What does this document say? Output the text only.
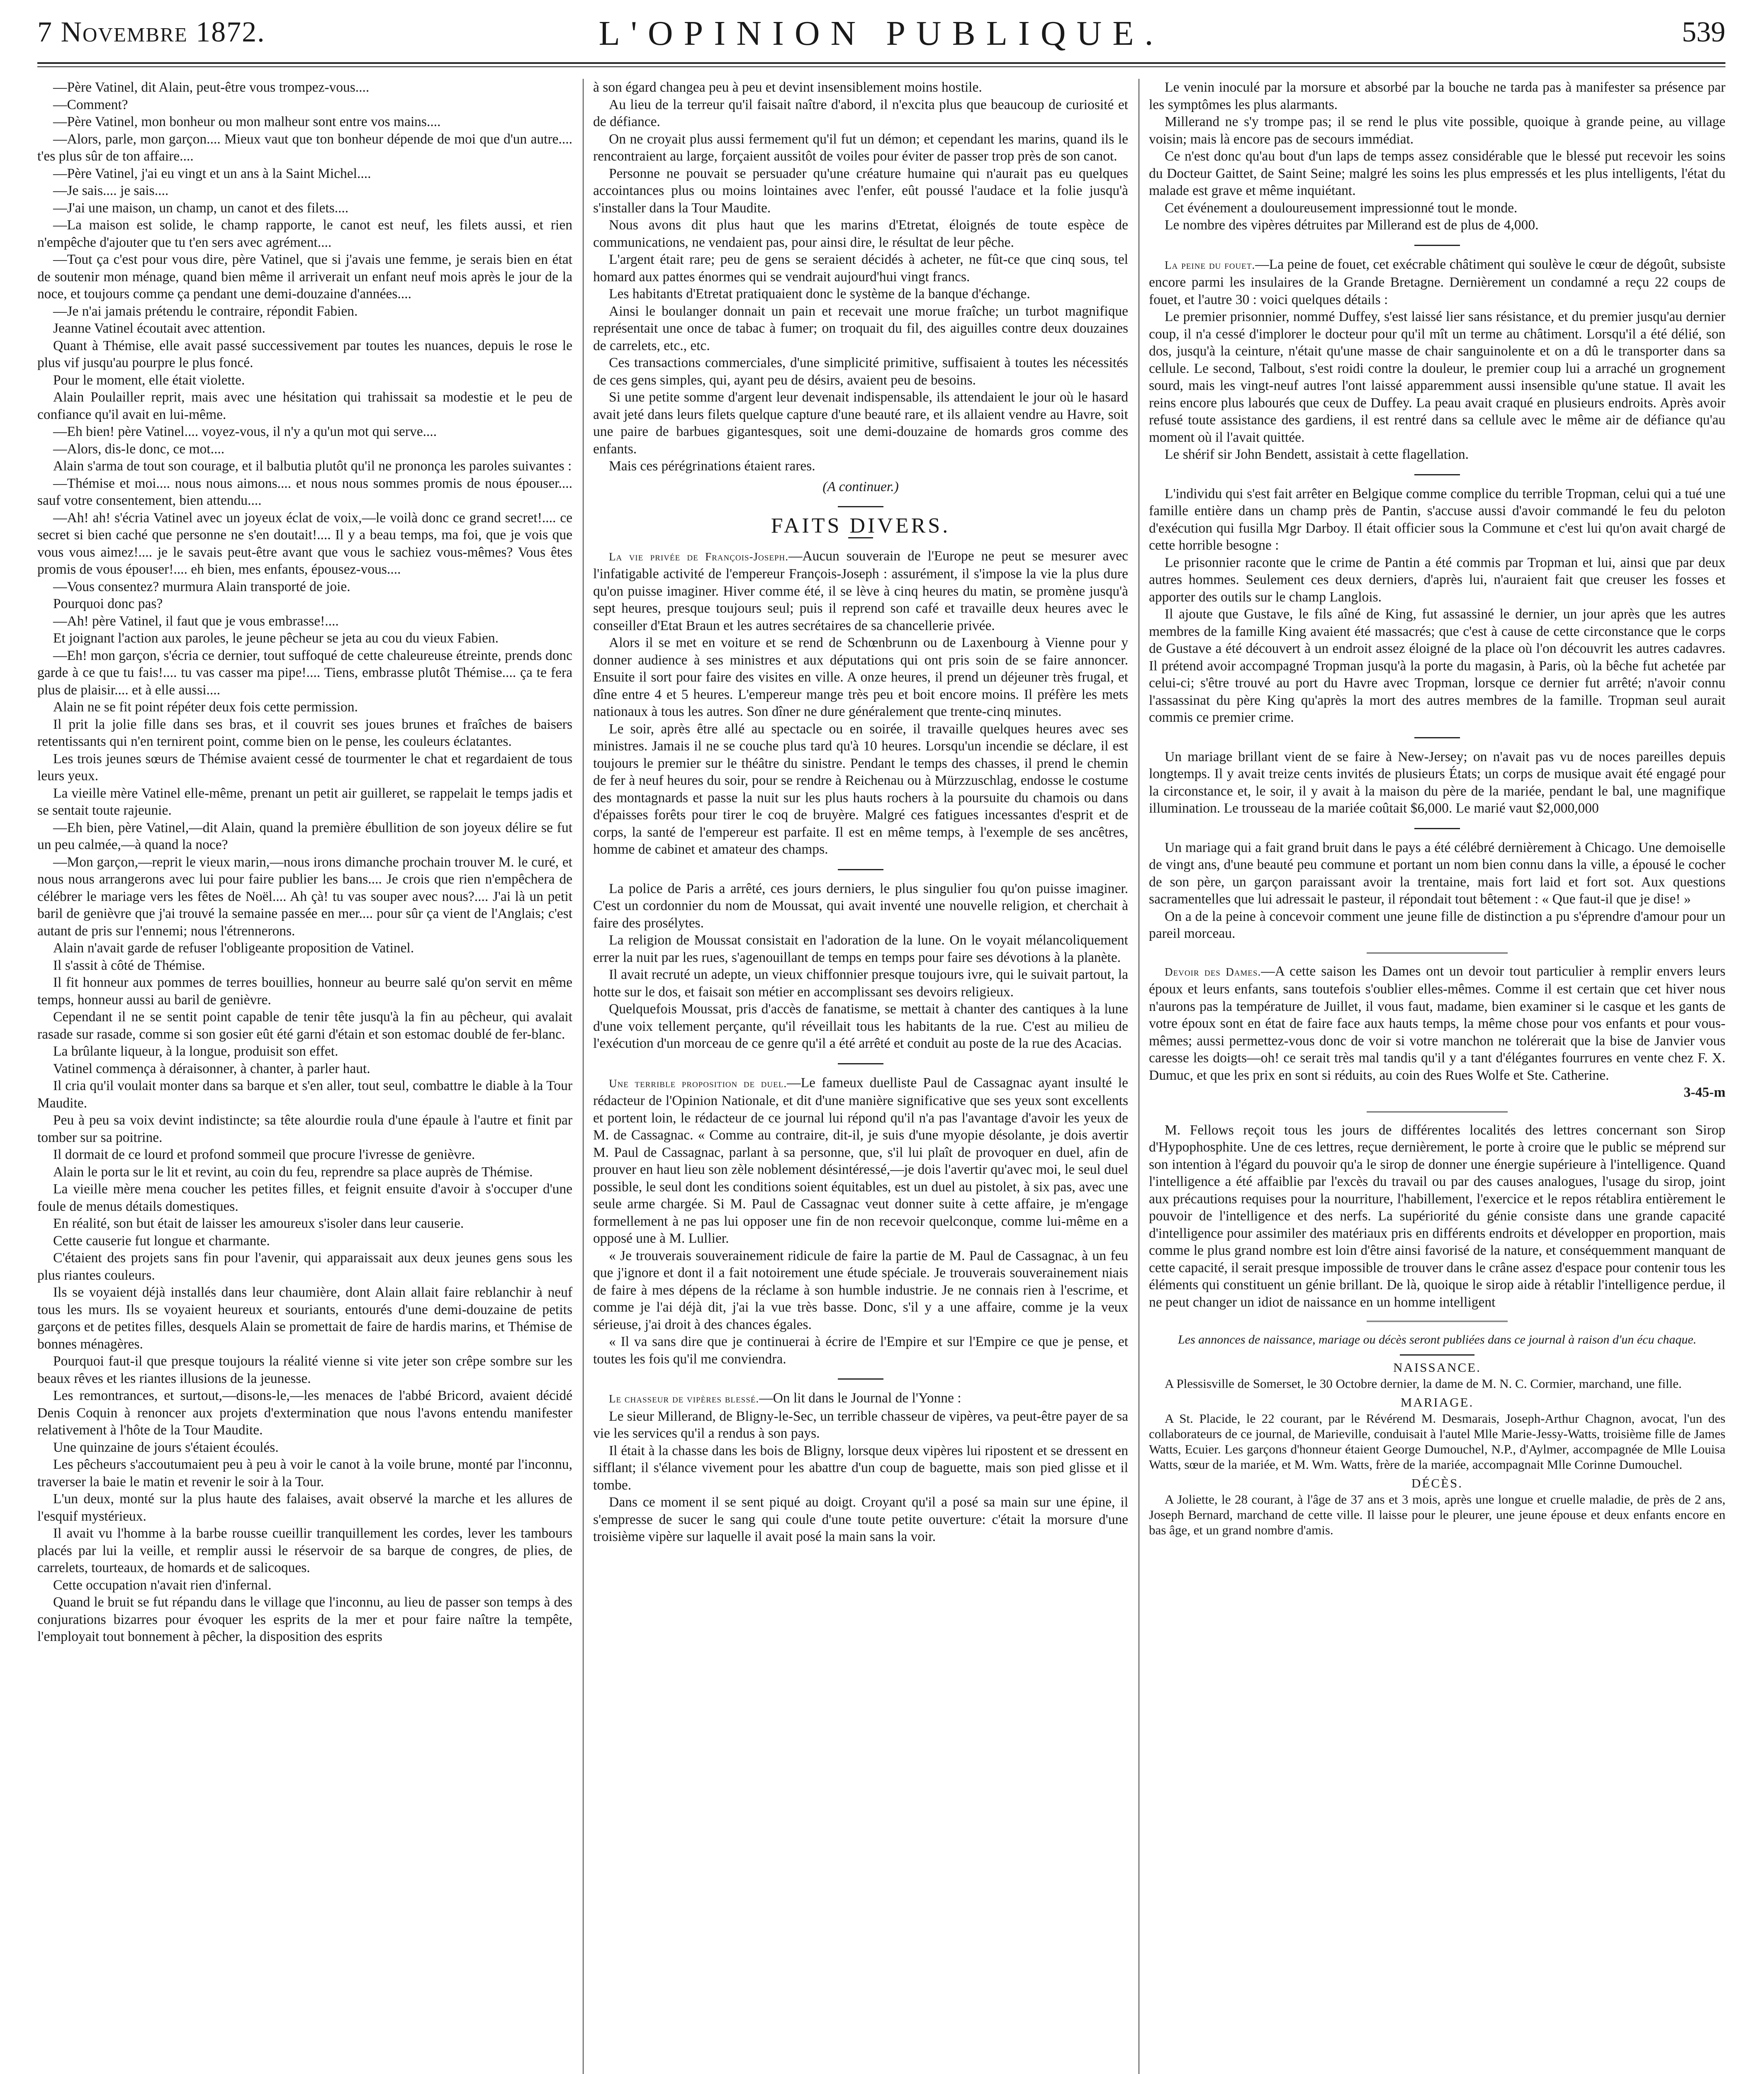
7 Novembre 1872.	L'OPINION PUBLIQUE.	539

—Père Vatinel, dit Alain, peut-être vous trompez-vous....

—Comment?

—Père Vatinel, mon bonheur ou mon malheur sont entre vos mains....

—Alors, parle, mon garçon.... Mieux vaut que ton bonheur dépende de moi que d'un autre.... t'es plus sûr de ton affaire....

—Père Vatinel, j'ai eu vingt et un ans à la Saint Michel....

—Je sais.... je sais....

—J'ai une maison, un champ, un canot et des filets....

—La maison est solide, le champ rapporte, le canot est neuf, les filets aussi, et rien n'empêche d'ajouter que tu t'en sers avec agrément....

—Tout ça c'est pour vous dire, père Vatinel, que si j'avais une femme, je serais bien en état de soutenir mon ménage, quand bien même il arriverait un enfant neuf mois après le jour de la noce, et toujours comme ça pendant une demi-douzaine d'années....

—Je n'ai jamais prétendu le contraire, répondit Fabien.

Jeanne Vatinel écoutait avec attention.

Quant à Thémise, elle avait passé successivement par toutes les nuances, depuis le rose le plus vif jusqu'au pourpre le plus foncé.

Pour le moment, elle était violette.

Alain Poulailler reprit, mais avec une hésitation qui trahissait sa modestie et le peu de confiance qu'il avait en lui-même.

—Eh bien! père Vatinel.... voyez-vous, il n'y a qu'un mot qui serve....

—Alors, dis-le donc, ce mot....

Alain s'arma de tout son courage, et il balbutia plutôt qu'il ne prononça les paroles suivantes :

—Thémise et moi.... nous nous aimons.... et nous nous sommes promis de nous épouser.... sauf votre consentement, bien attendu....

—Ah! ah! s'écria Vatinel avec un joyeux éclat de voix,—le voilà donc ce grand secret!.... ce secret si bien caché que personne ne s'en doutait!.... Il y a beau temps, ma foi, que je vois que vous vous aimez!.... je le savais peut-être avant que vous le sachiez vous-mêmes? Vous êtes promis de vous épouser!.... eh bien, mes enfants, épousez-vous....

—Vous consentez? murmura Alain transporté de joie.

Pourquoi donc pas?

—Ah! père Vatinel, il faut que je vous embrasse!....

Et joignant l'action aux paroles, le jeune pêcheur se jeta au cou du vieux Fabien.

—Eh! mon garçon, s'écria ce dernier, tout suffoqué de cette chaleureuse étreinte, prends donc garde à ce que tu fais!.... tu vas casser ma pipe!.... Tiens, embrasse plutôt Thémise.... ça te fera plus de plaisir.... et à elle aussi....

Alain ne se fit point répéter deux fois cette permission.

Il prit la jolie fille dans ses bras, et il couvrit ses joues brunes et fraîches de baisers retentissants qui n'en ternirent point, comme bien on le pense, les couleurs éclatantes.

Les trois jeunes sœurs de Thémise avaient cessé de tourmenter le chat et regardaient de tous leurs yeux.

La vieille mère Vatinel elle-même, prenant un petit air guilleret, se rappelait le temps jadis et se sentait toute rajeunie.

—Eh bien, père Vatinel,—dit Alain, quand la première ébullition de son joyeux délire se fut un peu calmée,—à quand la noce?

—Mon garçon,—reprit le vieux marin,—nous irons dimanche prochain trouver M. le curé, et nous nous arrangerons avec lui pour faire publier les bans.... Je crois que rien n'empêchera de célébrer le mariage vers les fêtes de Noël.... Ah çà! tu vas souper avec nous?.... J'ai là un petit baril de genièvre que j'ai trouvé la semaine passée en mer.... pour sûr ça vient de l'Anglais; c'est autant de pris sur l'ennemi; nous l'étrennerons.

Alain n'avait garde de refuser l'obligeante proposition de Vatinel.

Il s'assit à côté de Thémise.

Il fit honneur aux pommes de terres bouillies, honneur au beurre salé qu'on servit en même temps, honneur aussi au baril de genièvre.

Cependant il ne se sentit point capable de tenir tête jusqu'à la fin au pêcheur, qui avalait rasade sur rasade, comme si son gosier eût été garni d'étain et son estomac doublé de fer-blanc.

La brûlante liqueur, à la longue, produisit son effet.

Vatinel commença à déraisonner, à chanter, à parler haut.

Il cria qu'il voulait monter dans sa barque et s'en aller, tout seul, combattre le diable à la Tour Maudite.

Peu à peu sa voix devint indistincte; sa tête alourdie roula d'une épaule à l'autre et finit par tomber sur sa poitrine.

Il dormait de ce lourd et profond sommeil que procure l'ivresse de genièvre.

Alain le porta sur le lit et revint, au coin du feu, reprendre sa place auprès de Thémise.

La vieille mère mena coucher les petites filles, et feignit ensuite d'avoir à s'occuper d'une foule de menus détails domestiques.

En réalité, son but était de laisser les amoureux s'isoler dans leur causerie.

Cette causerie fut longue et charmante.

C'étaient des projets sans fin pour l'avenir, qui apparaissait aux deux jeunes gens sous les plus riantes couleurs.

Ils se voyaient déjà installés dans leur chaumière, dont Alain allait faire reblanchir à neuf tous les murs. Ils se voyaient heureux et souriants, entourés d'une demi-douzaine de petits garçons et de petites filles, desquels Alain se promettait de faire de hardis marins, et Thémise de bonnes ménagères.

Pourquoi faut-il que presque toujours la réalité vienne si vite jeter son crêpe sombre sur les beaux rêves et les riantes illusions de la jeunesse.

Les remontrances, et surtout,—disons-le,—les menaces de l'abbé Bricord, avaient décidé Denis Coquin à renoncer aux projets d'extermination que nous l'avons entendu manifester relativement à l'hôte de la Tour Maudite.

Une quinzaine de jours s'étaient écoulés.

Les pêcheurs s'accoutumaient peu à peu à voir le canot à la voile brune, monté par l'inconnu, traverser la baie le matin et revenir le soir à la Tour.

L'un deux, monté sur la plus haute des falaises, avait observé la marche et les allures de l'esquif mystérieux.

Il avait vu l'homme à la barbe rousse cueillir tranquillement les cordes, lever les tambours placés par lui la veille, et remplir aussi le réservoir de sa barque de congres, de plies, de carrelets, tourteaux, de homards et de salicoques.

Cette occupation n'avait rien d'infernal.

Quand le bruit se fut répandu dans le village que l'inconnu, au lieu de passer son temps à des conjurations bizarres pour évoquer les esprits de la mer et pour faire naître la tempête, l'employait tout bonnement à pêcher, la disposition des esprits

à son égard changea peu à peu et devint insensiblement moins hostile.

Au lieu de la terreur qu'il faisait naître d'abord, il n'excita plus que beaucoup de curiosité et de défiance.

On ne croyait plus aussi fermement qu'il fut un démon; et cependant les marins, quand ils le rencontraient au large, forçaient aussitôt de voiles pour éviter de passer trop près de son canot.

Personne ne pouvait se persuader qu'une créature humaine qui n'aurait pas eu quelques accointances plus ou moins lointaines avec l'enfer, eût poussé l'audace et la folie jusqu'à s'installer dans la Tour Maudite.

Nous avons dit plus haut que les marins d'Etretat, éloignés de toute espèce de communications, ne vendaient pas, pour ainsi dire, le résultat de leur pêche.

L'argent était rare; peu de gens se seraient décidés à acheter, ne fût-ce que cinq sous, tel homard aux pattes énormes qui se vendrait aujourd'hui vingt francs.

Les habitants d'Etretat pratiquaient donc le système de la banque d'échange.

Ainsi le boulanger donnait un pain et recevait une morue fraîche; un turbot magnifique représentait une once de tabac à fumer; on troquait du fil, des aiguilles contre deux douzaines de carrelets, etc., etc.

Ces transactions commerciales, d'une simplicité primitive, suffisaient à toutes les nécessités de ces gens simples, qui, ayant peu de désirs, avaient peu de besoins.

Si une petite somme d'argent leur devenait indispensable, ils attendaient le jour où le hasard avait jeté dans leurs filets quelque capture d'une beauté rare, et ils allaient vendre au Havre, soit une paire de barbues gigantesques, soit une demi-douzaine de homards gros comme des enfants.

Mais ces pérégrinations étaient rares.

(A continuer.)

FAITS DIVERS.

La vie privée de François-Joseph.—Aucun souverain de l'Europe ne peut se mesurer avec l'infatigable activité de l'empereur François-Joseph : assurément, il s'impose la vie la plus dure qu'on puisse imaginer. Hiver comme été, il se lève à cinq heures du matin, se promène jusqu'à sept heures, presque toujours seul; puis il reprend son café et travaille deux heures avec le conseiller d'Etat Braun et les autres secrétaires de sa chancellerie privée.

Alors il se met en voiture et se rend de Schœnbrunn ou de Laxenbourg à Vienne pour y donner audience à ses ministres et aux députations qui ont pris soin de se faire annoncer. Ensuite il sort pour faire des visites en ville. A onze heures, il prend un déjeuner très frugal, et dîne entre 4 et 5 heures. L'empereur mange très peu et boit encore moins. Il préfère les mets nationaux à tous les autres. Son dîner ne dure généralement que trente-cinq minutes.

Le soir, après être allé au spectacle ou en soirée, il travaille quelques heures avec ses ministres. Jamais il ne se couche plus tard qu'à 10 heures. Lorsqu'un incendie se déclare, il est toujours le premier sur le théâtre du sinistre. Pendant le temps des chasses, il prend le chemin de fer à neuf heures du soir, pour se rendre à Reichenau ou à Mürzzuschlag, endosse le costume des montagnards et passe la nuit sur les plus hauts rochers à la poursuite du chamois ou dans d'épaisses forêts pour tirer le coq de bruyère. Malgré ces fatigues incessantes d'esprit et de corps, la santé de l'empereur est parfaite. Il est en même temps, à l'exemple de ses ancêtres, homme de cabinet et amateur des champs.

La police de Paris a arrêté, ces jours derniers, le plus singulier fou qu'on puisse imaginer. C'est un cordonnier du nom de Moussat, qui avait inventé une nouvelle religion, et cherchait à faire des prosélytes.

La religion de Moussat consistait en l'adoration de la lune. On le voyait mélancoliquement errer la nuit par les rues, s'agenouillant de temps en temps pour faire ses dévotions à la planète.

Il avait recruté un adepte, un vieux chiffonnier presque toujours ivre, qui le suivait partout, la hotte sur le dos, et faisait son métier en accomplissant ses devoirs religieux.

Quelquefois Moussat, pris d'accès de fanatisme, se mettait à chanter des cantiques à la lune d'une voix tellement perçante, qu'il réveillait tous les habitants de la rue. C'est au milieu de l'exécution d'un morceau de ce genre qu'il a été arrêté et conduit au poste de la rue des Acacias.

Une terrible proposition de duel.—Le fameux duelliste Paul de Cassagnac ayant insulté le rédacteur de l'Opinion Nationale, et dit d'une manière significative que ses yeux sont excellents et portent loin, le rédacteur de ce journal lui répond qu'il n'a pas l'avantage d'avoir les yeux de M. de Cassagnac. « Comme au contraire, dit-il, je suis d'une myopie désolante, je dois avertir M. Paul de Cassagnac, parlant à sa personne, que, s'il lui plaît de provoquer en duel, afin de prouver en haut lieu son zèle noblement désintéressé,—je dois l'avertir qu'avec moi, le seul duel possible, le seul dont les conditions soient équitables, est un duel au pistolet, à six pas, avec une seule arme chargée. Si M. Paul de Cassagnac veut donner suite à cette affaire, je m'engage formellement à ne pas lui opposer une fin de non recevoir quelconque, comme lui-même en a opposé une à M. Lullier.

« Je trouverais souverainement ridicule de faire la partie de M. Paul de Cassagnac, à un feu que j'ignore et dont il a fait notoirement une étude spéciale. Je trouverais souverainement niais de faire à mes dépens de la réclame à son humble industrie. Je ne connais rien à l'escrime, et comme je l'ai déjà dit, j'ai la vue très basse. Donc, s'il y a une affaire, comme je la veux sérieuse, j'ai droit à des chances égales.

« Il va sans dire que je continuerai à écrire de l'Empire et sur l'Empire ce que je pense, et toutes les fois qu'il me conviendra.

Le chasseur de vipères blessé.—On lit dans le Journal de l'Yonne :

Le sieur Millerand, de Bligny-le-Sec, un terrible chasseur de vipères, va peut-être payer de sa vie les services qu'il a rendus à son pays.

Il était à la chasse dans les bois de Bligny, lorsque deux vipères lui ripostent et se dressent en sifflant; il s'élance vivement pour les abattre d'un coup de baguette, mais son pied glisse et il tombe.

Dans ce moment il se sent piqué au doigt. Croyant qu'il a posé sa main sur une épine, il s'empresse de sucer le sang qui coule d'une toute petite ouverture: c'était la morsure d'une troisième vipère sur laquelle il avait posé la main sans la voir.

Le venin inoculé par la morsure et absorbé par la bouche ne tarda pas à manifester sa présence par les symptômes les plus alarmants.

Millerand ne s'y trompe pas; il se rend le plus vite possible, quoique à grande peine, au village voisin; mais là encore pas de secours immédiat.

Ce n'est donc qu'au bout d'un laps de temps assez considérable que le blessé put recevoir les soins du Docteur Gaittet, de Saint Seine; malgré les soins les plus empressés et les plus intelligents, l'état du malade est grave et même inquiétant.

Cet événement a douloureusement impressionné tout le monde.

Le nombre des vipères détruites par Millerand est de plus de 4,000.

La peine du fouet.—La peine de fouet, cet exécrable châtiment qui soulève le cœur de dégoût, subsiste encore parmi les insulaires de la Grande Bretagne. Dernièrement un condamné a reçu 22 coups de fouet, et l'autre 30 : voici quelques détails :

Le premier prisonnier, nommé Duffey, s'est laissé lier sans résistance, et du premier jusqu'au dernier coup, il n'a cessé d'implorer le docteur pour qu'il mît un terme au châtiment. Lorsqu'il a été délié, son dos, jusqu'à la ceinture, n'était qu'une masse de chair sanguinolente et on a dû le transporter dans sa cellule. Le second, Talbout, s'est roidi contre la douleur, le premier coup lui a arraché un grognement sourd, mais les vingt-neuf autres l'ont laissé apparemment aussi insensible qu'une statue. Il avait les reins encore plus labourés que ceux de Duffey. La peau avait craqué en plusieurs endroits. Après avoir refusé toute assistance des gardiens, il est rentré dans sa cellule avec le même air de défiance qu'au moment où il l'avait quittée.

Le shérif sir John Bendett, assistait à cette flagellation.

L'individu qui s'est fait arrêter en Belgique comme complice du terrible Tropman, celui qui a tué une famille entière dans un champ près de Pantin, s'accuse aussi d'avoir commandé le feu du peloton d'exécution qui fusilla Mgr Darboy. Il était officier sous la Commune et c'est lui qu'on avait chargé de cette horrible besogne :

Le prisonnier raconte que le crime de Pantin a été commis par Tropman et lui, ainsi que par deux autres hommes. Seulement ces deux derniers, d'après lui, n'auraient fait que creuser les fosses et apporter des outils sur le champ Langlois.

Il ajoute que Gustave, le fils aîné de King, fut assassiné le dernier, un jour après que les autres membres de la famille King avaient été massacrés; que c'est à cause de cette circonstance que le corps de Gustave a été découvert à un endroit assez éloigné de la place où l'on découvrit les autres cadavres. Il prétend avoir accompagné Tropman jusqu'à la porte du magasin, à Paris, où la bêche fut achetée par celui-ci; s'être trouvé au port du Havre avec Tropman, lorsque ce dernier fut arrêté; n'avoir connu l'assassinat du père King qu'après la mort des autres membres de la famille. Tropman seul aurait commis ce premier crime.

Un mariage brillant vient de se faire à New-Jersey; on n'avait pas vu de noces pareilles depuis longtemps. Il y avait treize cents invités de plusieurs États; un corps de musique avait été engagé pour la circonstance et, le soir, il y avait à la maison du père de la mariée, pendant le bal, une magnifique illumination. Le trousseau de la mariée coûtait $6,000. Le marié vaut $2,000,000

Un mariage qui a fait grand bruit dans le pays a été célébré dernièrement à Chicago. Une demoiselle de vingt ans, d'une beauté peu commune et portant un nom bien connu dans la ville, a épousé le cocher de son père, un garçon paraissant avoir la trentaine, mais fort laid et fort sot. Aux questions sacramentelles que lui adressait le pasteur, il répondait tout bêtement : « Que faut-il que je dise! »

On a de la peine à concevoir comment une jeune fille de distinction a pu s'éprendre d'amour pour un pareil morceau.

Devoir des Dames.—A cette saison les Dames ont un devoir tout particulier à remplir envers leurs époux et leurs enfants, sans toutefois s'oublier elles-mêmes. Comme il est certain que cet hiver nous n'aurons pas la température de Juillet, il vous faut, madame, bien examiner si le casque et les gants de votre époux sont en état de faire face aux hauts temps, la même chose pour vos enfants et pour vous-mêmes; aussi permettez-vous donc de voir si votre manchon ne tolérerait que la bise de Janvier vous caresse les doigts—oh! ce serait très mal tandis qu'il y a tant d'élégantes fourrures en vente chez F. X. Dumuc, et que les prix en sont si réduits, au coin des Rues Wolfe et Ste. Catherine.

3-45-m

M. Fellows reçoit tous les jours de différentes localités des lettres concernant son Sirop d'Hypophosphite. Une de ces lettres, reçue dernièrement, le porte à croire que le public se méprend sur son intention à l'égard du pouvoir qu'a le sirop de donner une énergie supérieure à l'intelligence. Quand l'intelligence a été affaiblie par l'excès du travail ou par des causes analogues, l'usage du sirop, joint aux précautions requises pour la nourriture, l'habillement, l'exercice et le repos rétablira entièrement le pouvoir de l'intelligence et des nerfs. La supériorité du génie consiste dans une grande capacité d'intelligence pour assimiler des matériaux pris en différents endroits et développer en proportion, mais comme le plus grand nombre est loin d'être ainsi favorisé de la nature, et conséquemment manquant de cette capacité, il serait presque impossible de trouver dans le crâne assez d'espace pour contenir tous les éléments qui constituent un génie brillant. De là, quoique le sirop aide à rétablir l'intelligence perdue, il ne peut changer un idiot de naissance en un homme intelligent

Les annonces de naissance, mariage ou décès seront publiées dans ce journal à raison d'un écu chaque.

NAISSANCE.

A Plessisville de Somerset, le 30 Octobre dernier, la dame de M. N. C. Cormier, marchand, une fille.

MARIAGE.

A St. Placide, le 22 courant, par le Révérend M. Desmarais, Joseph-Arthur Chagnon, avocat, l'un des collaborateurs de ce journal, de Marieville, conduisait à l'autel Mlle Marie-Jessy-Watts, troisième fille de James Watts, Ecuier. Les garçons d'honneur étaient George Dumouchel, N.P., d'Aylmer, accompagnée de Mlle Louisa Watts, sœur de la mariée, et M. Wm. Watts, frère de la mariée, accompagnait Mlle Corinne Dumouchel.

DÉCÈS.

A Joliette, le 28 courant, à l'âge de 37 ans et 3 mois, après une longue et cruelle maladie, de près de 2 ans, Joseph Bernard, marchand de cette ville. Il laisse pour le pleurer, une jeune épouse et deux enfants encore en bas âge, et un grand nombre d'amis.
